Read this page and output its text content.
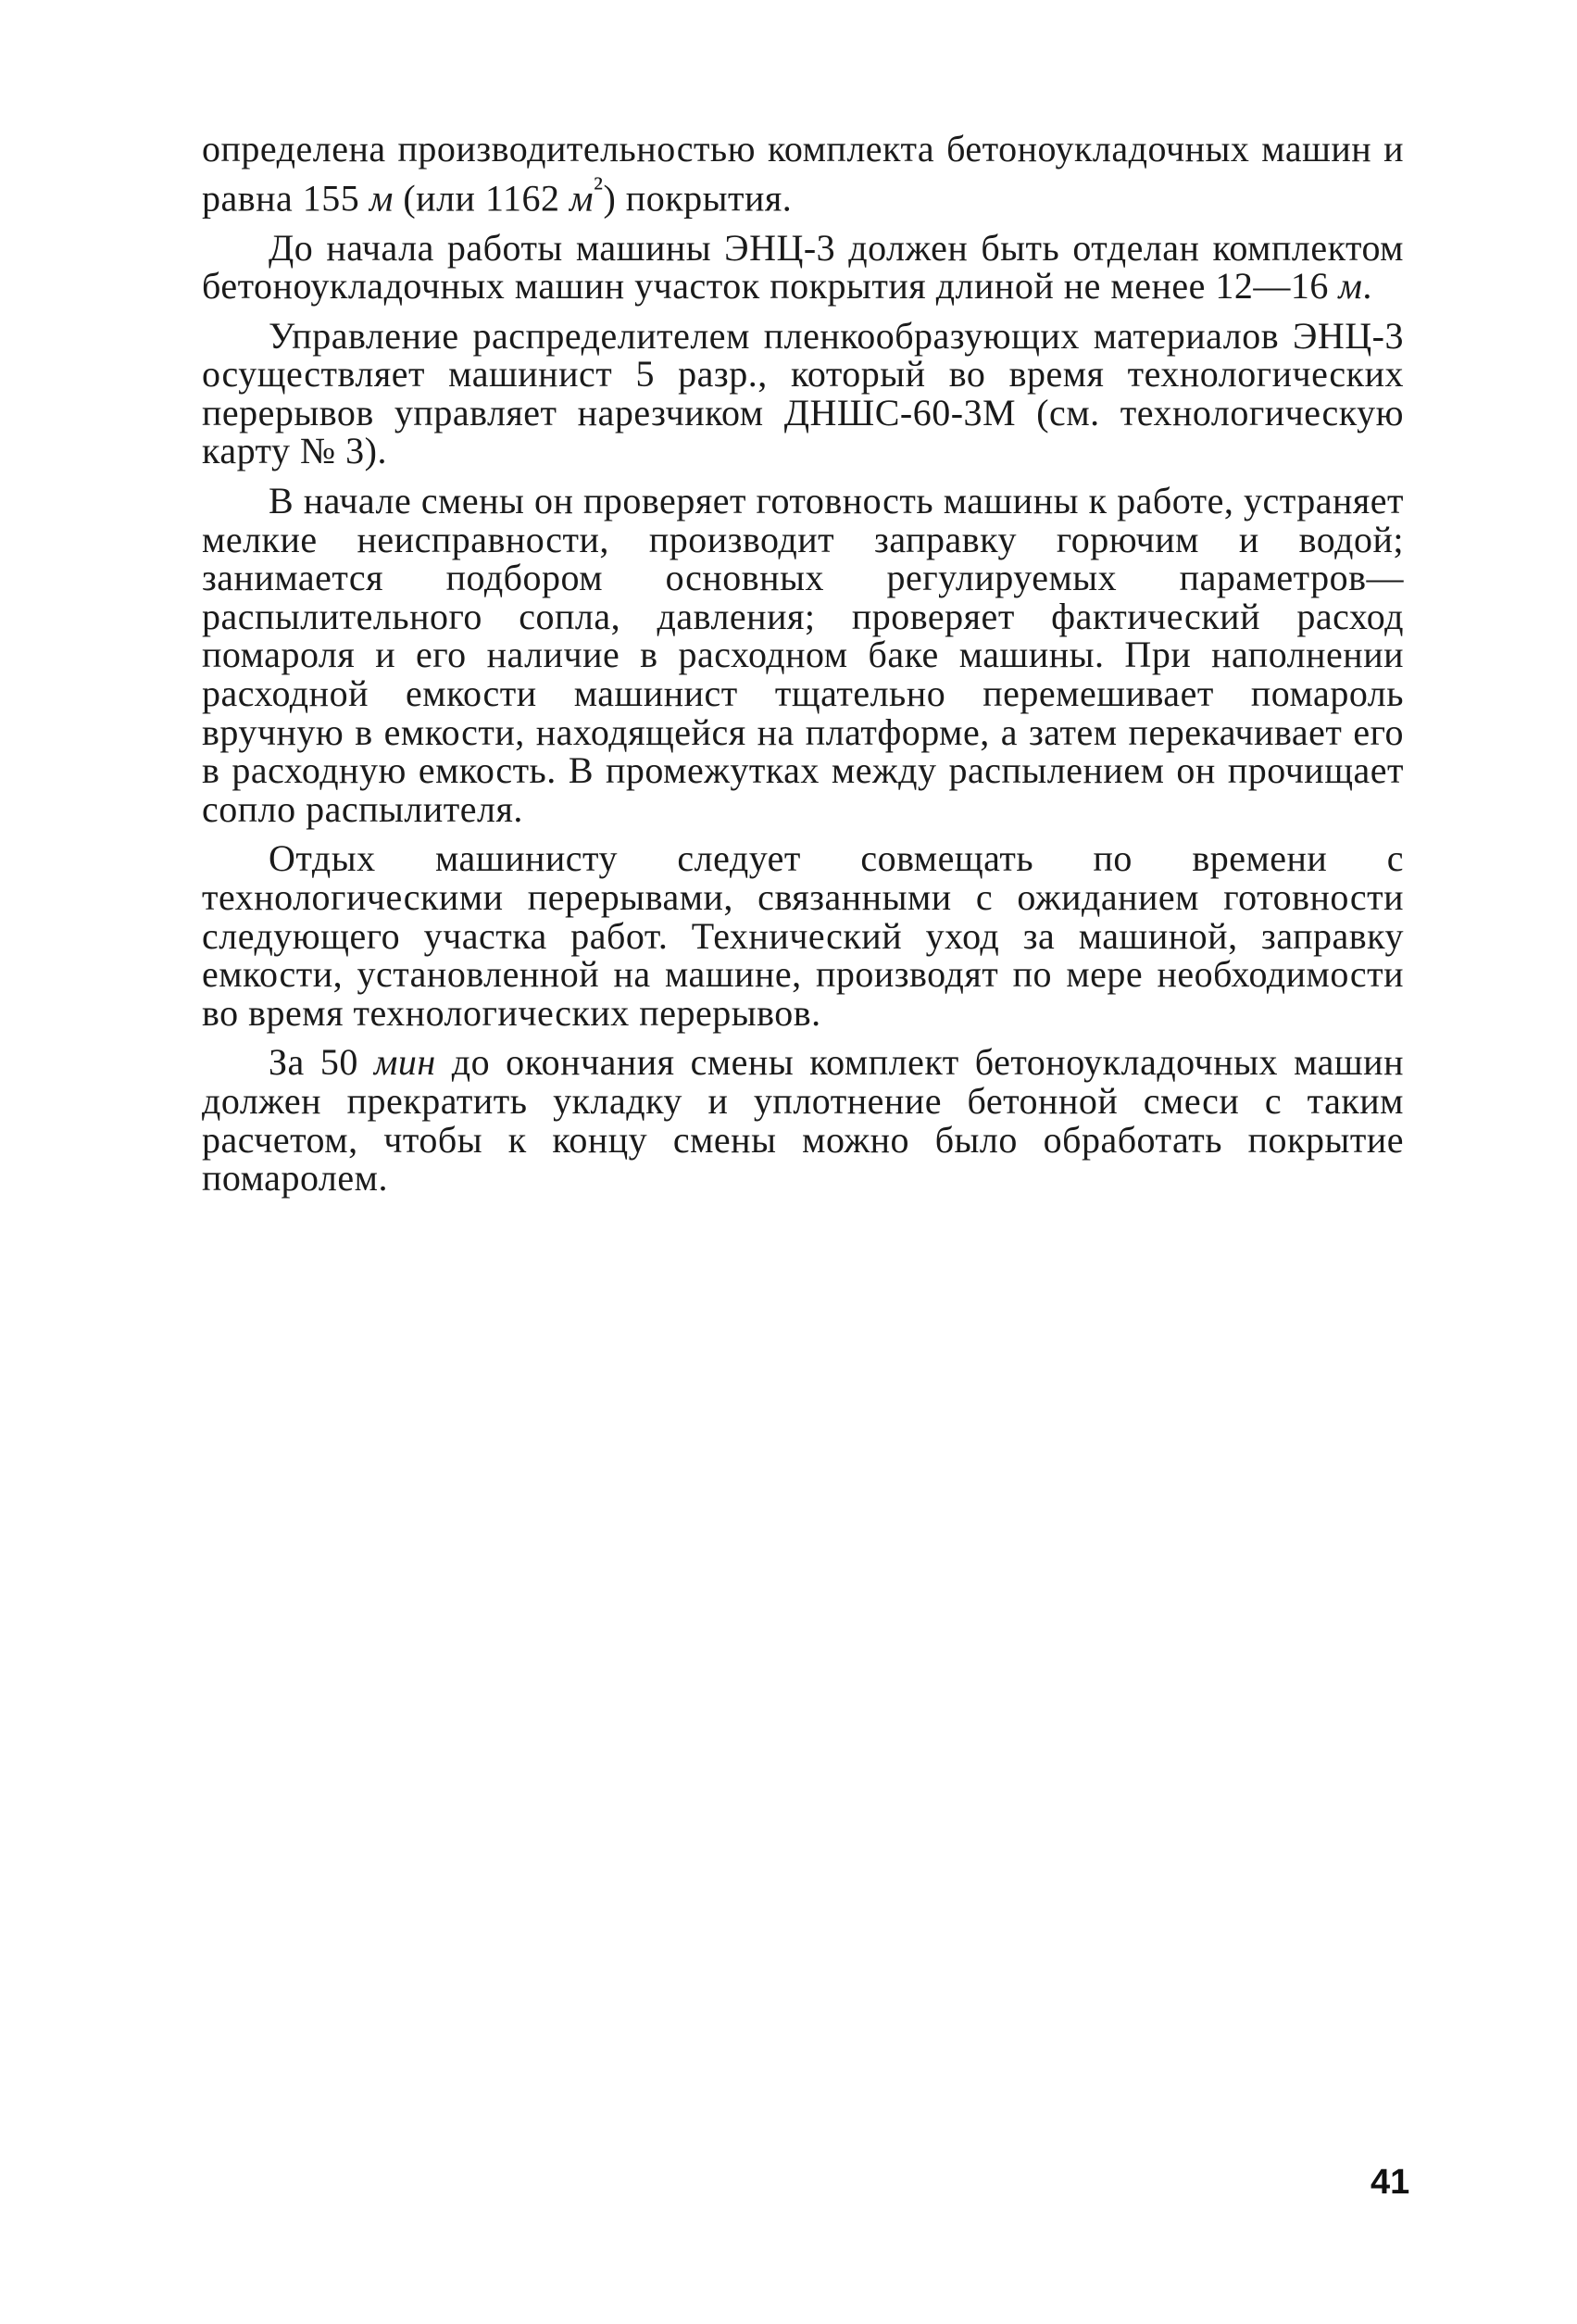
определена производительностью комплекта бетоноукладочных машин и равна 155 м (или 1162 $м^{^2}$) покрытия.

До начала работы машины ЭНЦ-3 должен быть отделан комплектом бетоноукладочных машин участок покрытия длиной не менее 12—16 м.

Управление распределителем пленкообразующих материалов ЭНЦ-3 осуществляет машинист 5 разр., который во время технологических перерывов управляет нарезчиком ДНШС-60-3М (см. технологическую карту № 3).

В начале смены он проверяет готовность машины к работе, устраняет мелкие неисправности, производит заправку горючим и водой; занимается подбором основных регулируемых параметров—распылительного сопла, давления; проверяет фактический расход помароля и его наличие в расходном баке машины. При наполнении расходной емкости машинист тщательно перемешивает помароль вручную в емкости, находящейся на платформе, а затем перекачивает его в расходную емкость. В промежутках между распылением он прочищает сопло распылителя.

Отдых машинисту следует совмещать по времени с технологическими перерывами, связанными с ожиданием готовности следующего участка работ. Технический уход за машиной, заправку емкости, установленной на машине, производят по мере необходимости во время технологических перерывов.

За 50 мин до окончания смены комплект бетоноукладочных машин должен прекратить укладку и уплотнение бетонной смеси с таким расчетом, чтобы к концу смены можно было обработать покрытие помаролем.

41
